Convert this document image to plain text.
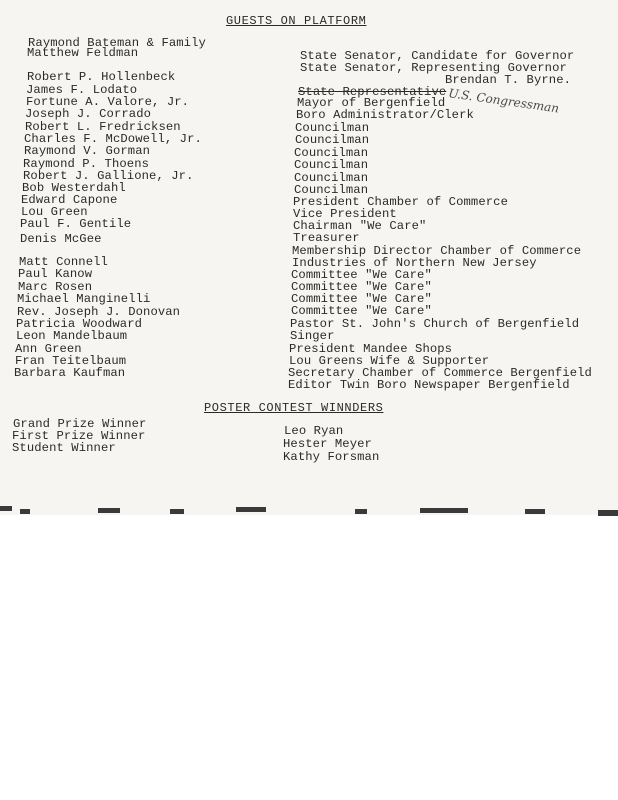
GUESTS ON PLATFORM
Raymond Bateman & Family
Matthew Feldman
Robert P. Hollenbeck
James F. Lodato
Fortune A. Valore, Jr.
Joseph J. Corrado
Robert L. Fredricksen
Charles F. McDowell, Jr.
Raymond V. Gorman
Raymond P. Thoens
Robert J. Gallione, Jr.
Bob Westerdahl
Edward Capone
Lou Green
Paul F. Gentile
Denis McGee
Matt Connell
Paul Kanow
Marc Rosen
Michael Manginelli
Rev. Joseph J. Donovan
Patricia Woodward
Leon Mandelbaum
Ann Green
Fran Teitelbaum
Barbara Kaufman
State Senator, Candidate for Governor
State Senator, Representing Governor
Brendan T. Byrne.
State Representative
Mayor of Bergenfield
Boro Administrator/Clerk
Councilman
Councilman
Councilman
Councilman
Councilman
Councilman
President Chamber of Commerce
Vice President
Chairman "We Care"
Treasurer
Membership Director Chamber of Commerce
Industries of Northern New Jersey
Committee "We Care"
Committee "We Care"
Committee "We Care"
Committee "We Care"
Pastor St. John's Church of Bergenfield
Singer
President Mandee Shops
Lou Greens Wife & Supporter
Secretary Chamber of Commerce Bergenfield
Editor Twin Boro Newspaper Bergenfield
U.S. Congressman
POSTER CONTEST WINNDERS
Grand Prize Winner
First Prize Winner
Student Winner
Leo Ryan
Hester Meyer
Kathy Forsman
